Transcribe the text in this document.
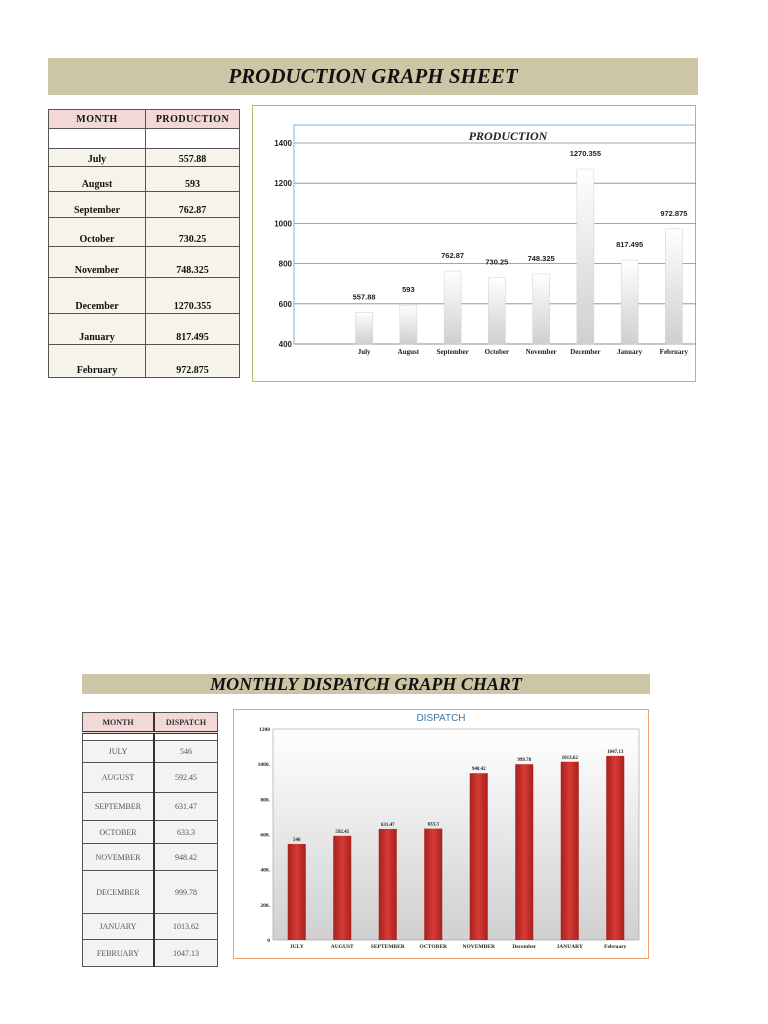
PRODUCTION GRAPH SHEET
MONTH	PRODUCTION

July	557.88
August	593
September	762.87
October	730.25
November	748.325
December	1270.355
January	817.495
February	972.875
400
600
800
1000
1200
1400
557.88
July
593
August
762.87
September
730.25
October
748.325
November
1270.355
December
817.495
January
972.875
February
PRODUCTION
MONTHLY DISPATCH GRAPH CHART
MONTH	DISPATCH

JULY	546
AUGUST	592.45
SEPTEMBER	631.47
OCTOBER	633.3
NOVEMBER	948.42
DECEMBER	999.78
JANUARY	1013.62
FEBRUARY	1047.13
0
200.
400.
600.
800.
1000.
1200
546
JULY
592.45
AUGUST
631.47
SEPTEMBER
633.3
OCTOBER
948.42
NOVEMBER
999.78
December
1013.62
JANUARY
1047.13
February
DISPATCH
